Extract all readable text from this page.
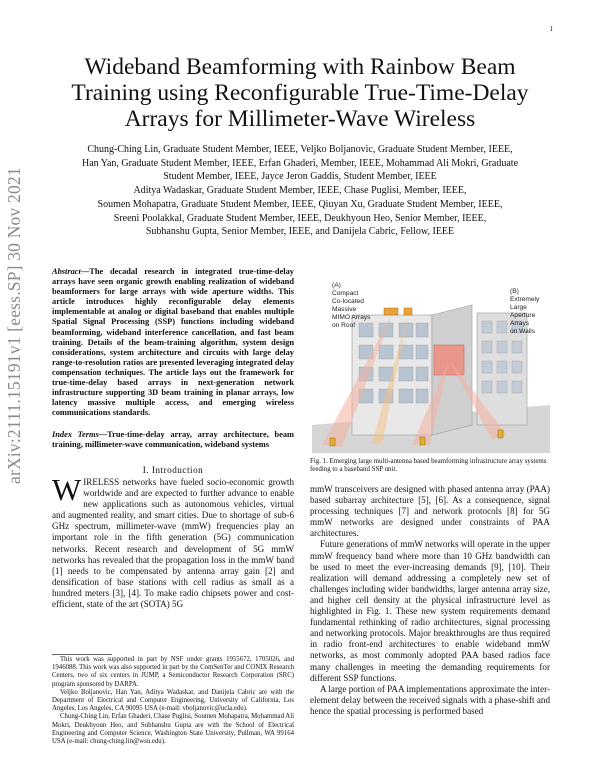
1
arXiv:2111.15191v1 [eess.SP] 30 Nov 2021
Wideband Beamforming with Rainbow Beam Training using Reconfigurable True-Time-Delay Arrays for Millimeter-Wave Wireless

Chung-Ching Lin, Graduate Student Member, IEEE, Veljko Boljanovic, Graduate Student Member, IEEE,

Han Yan, Graduate Student Member, IEEE, Erfan Ghaderi, Member, IEEE, Mohammad Ali Mokri, Graduate

Student Member, IEEE, Jayce Jeron Gaddis, Student Member, IEEE

Aditya Wadaskar, Graduate Student Member, IEEE, Chase Puglisi, Member, IEEE,

Soumen Mohapatra, Graduate Student Member, IEEE, Qiuyan Xu, Graduate Student Member, IEEE,

Sreeni Poolakkal, Graduate Student Member, IEEE, Deukhyoun Heo, Senior Member, IEEE,

Subhanshu Gupta, Senior Member, IEEE, and Danijela Cabric, Fellow, IEEE

Abstract—The decadal research in integrated true-time-delay arrays have seen organic growth enabling realization of wideband beamformers for large arrays with wide aperture widths. This article introduces highly reconfigurable delay elements implementable at analog or digital baseband that enables multiple Spatial Signal Processing (SSP) functions including wideband beamforming, wideband interference cancellation, and fast beam training. Details of the beam-training algorithm, system design considerations, system architecture and circuits with large delay range-to-resolution ratios are presented leveraging integrated delay compensation techniques. The article lays out the framework for true-time-delay based arrays in next-generation network infrastructure supporting 3D beam training in planar arrays, low latency massive multiple access, and emerging wireless communications standards.
Index Terms—True-time-delay array, array architecture, beam training, millimeter-wave communication, wideband systems
I. Introduction
WIRELESS networks have fueled socio-economic growth worldwide and are expected to further advance to enable new applications such as autonomous vehicles, virtual and augmented reality, and smart cities. Due to shortage of sub-6 GHz spectrum, millimeter-wave (mmW) frequencies play an important role in the fifth generation (5G) communication networks. Recent research and development of 5G mmW networks has revealed that the propagation loss in the mmW band [1] needs to be compensated by antenna array gain [2] and densification of base stations with cell radius as small as a hundred meters [3], [4]. To make radio chipsets power and cost- efficient, state of the art (SOTA) 5G

This work was supported in part by NSF under grants 1955672, 1705026, and 1946088. This work was also supported in part by the ComSenTer and CONIX Research Centers, two of six centers in JUMP, a Semiconductor Research Corporation (SRC) program sponsored by DARPA.

Veljko Boljanovic, Han Yan, Aditya Wadaskar, and Danijela Cabric are with the Department of Electrical and Computer Engineering, University of California, Los Angeles, Los Angeles, CA 90095 USA (e-mail: vboljanovic@ucla.edu).

Chung-Ching Lin, Erfan Ghaderi, Chase Puglisi, Soumen Mohapatra, Mohammad Ali Mokri, Deukhyoun Heo, and Subhanshu Gupta are with the School of Electrical Engineering and Computer Science, Washington State University, Pullman, WA 99164 USA (e-mail: chung-ching.lin@wsu.edu).

(A)
Compact
Co-located
Massive
MIMO Arrays
on Roof
(B)
Extremely
Large
Aperture
Arrays
on Walls
Fig. 1. Emerging large multi-antenna based beamforming infrastructure array systems feeding to a baseband SSP unit.

mmW transceivers are designed with phased antenna array (PAA) based subarray architecture [5], [6]. As a consequence, signal processing techniques [7] and network protocols [8] for 5G mmW networks are designed under constraints of PAA architectures.

Future generations of mmW networks will operate in the upper mmW frequency band where more than 10 GHz bandwidth can be used to meet the ever-increasing demands [9], [10]. Their realization will demand addressing a completely new set of challenges including wider bandwidths, larger antenna array size, and higher cell density at the physical infrastructure level as highlighted in Fig. 1. These new system requirements demand fundamental rethinking of radio architectures, signal processing and networking protocols. Major breakthroughs are thus required in radio front-end architectures to enable wideband mmW networks, as most commonly adopted PAA based radios face many challenges in meeting the demanding requirements for different SSP functions.

A large portion of PAA implementations approximate the inter-element delay between the received signals with a phase-shift and hence the spatial processing is performed based
